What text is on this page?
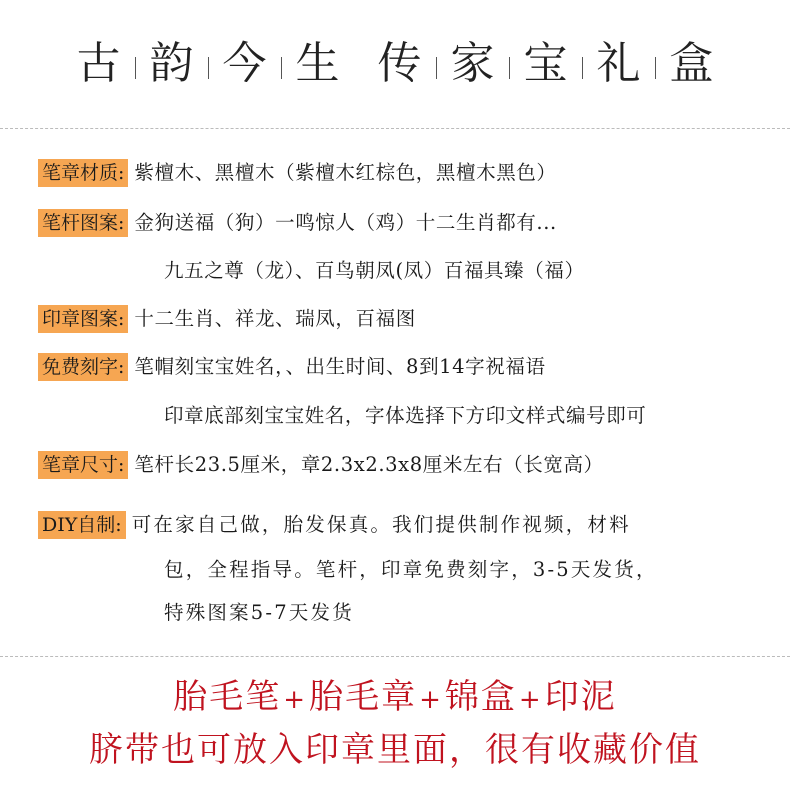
古 韵 今 生 传 家 宝 礼 盒
笔章材质: 紫檀木、黑檀木（紫檀木红棕色，黑檀木黑色）
笔杆图案: 金狗送福（狗）一鸣惊人（鸡）十二生肖都有...
九五之尊（龙）、百鸟朝凤(凤）百福具臻（福）
印章图案: 十二生肖、祥龙、瑞凤，百福图
免费刻字: 笔帽刻宝宝姓名，、出生时间、8到14字祝福语
印章底部刻宝宝姓名，字体选择下方印文样式编号即可
笔章尺寸: 笔杆长23.5厘米，章2.3x2.3x8厘米左右（长宽高）
DIY自制: 可在家自己做，胎发保真。我们提供制作视频，材料
包，全程指导。笔杆，印章免费刻字，3-5天发货，
特殊图案5-7天发货
胎毛笔+胎毛章+锦盒+印泥
脐带也可放入印章里面，很有收藏价值
